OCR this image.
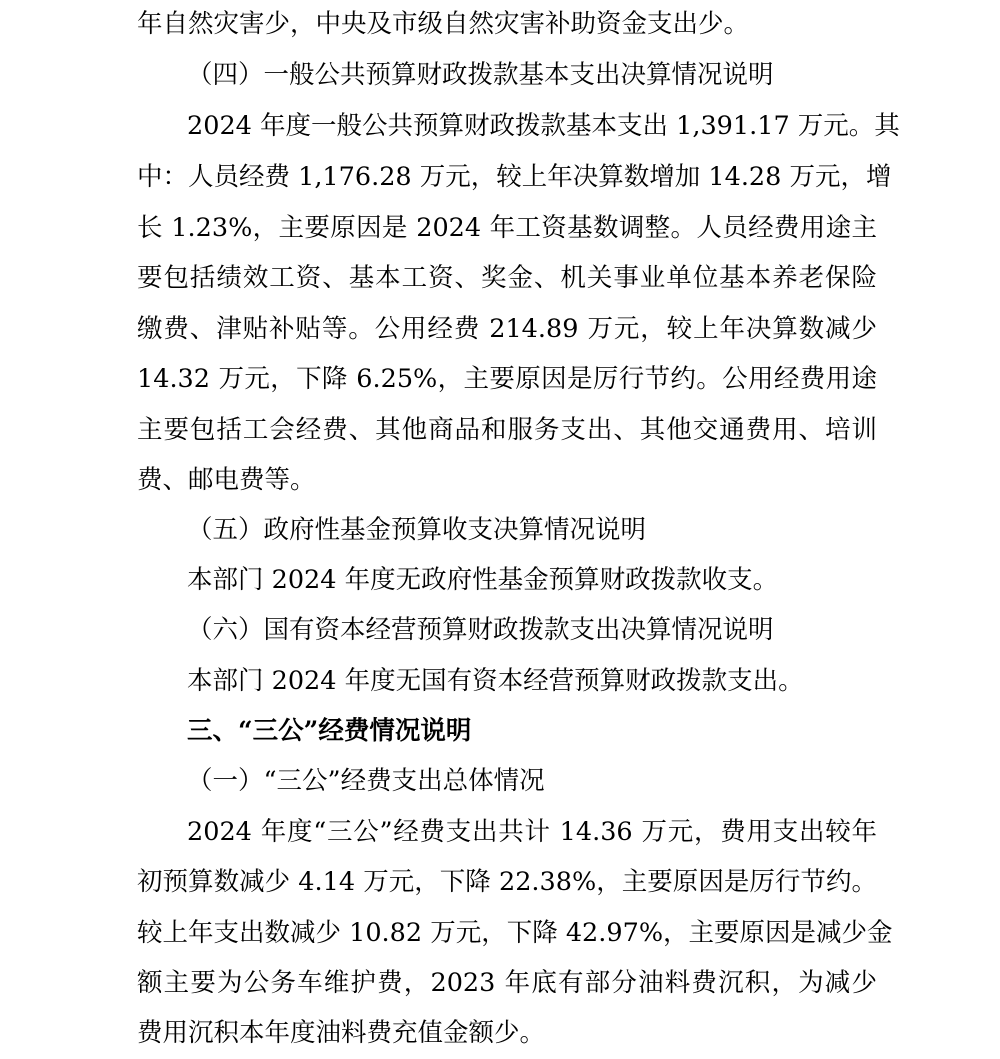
年自然灾害少，中央及市级自然灾害补助资金支出少。
（四）一般公共预算财政拨款基本支出决算情况说明
2024 年度一般公共预算财政拨款基本支出 1,391.17 万元。其
中：人员经费 1,176.28 万元，较上年决算数增加 14.28 万元，增
长 1.23%，主要原因是 2024 年工资基数调整。人员经费用途主
要包括绩效工资、基本工资、奖金、机关事业单位基本养老保险
缴费、津贴补贴等。公用经费 214.89 万元，较上年决算数减少
14.32 万元，下降 6.25%，主要原因是厉行节约。公用经费用途
主要包括工会经费、其他商品和服务支出、其他交通费用、培训
费、邮电费等。
（五）政府性基金预算收支决算情况说明
本部门 2024 年度无政府性基金预算财政拨款收支。
（六）国有资本经营预算财政拨款支出决算情况说明
本部门 2024 年度无国有资本经营预算财政拨款支出。
三、“三公”经费情况说明
（一）“三公”经费支出总体情况
2024 年度“三公”经费支出共计 14.36 万元，费用支出较年
初预算数减少 4.14 万元，下降 22.38%，主要原因是厉行节约。
较上年支出数减少 10.82 万元，下降 42.97%，主要原因是减少金
额主要为公务车维护费，2023 年底有部分油料费沉积，为减少
费用沉积本年度油料费充值金额少。
